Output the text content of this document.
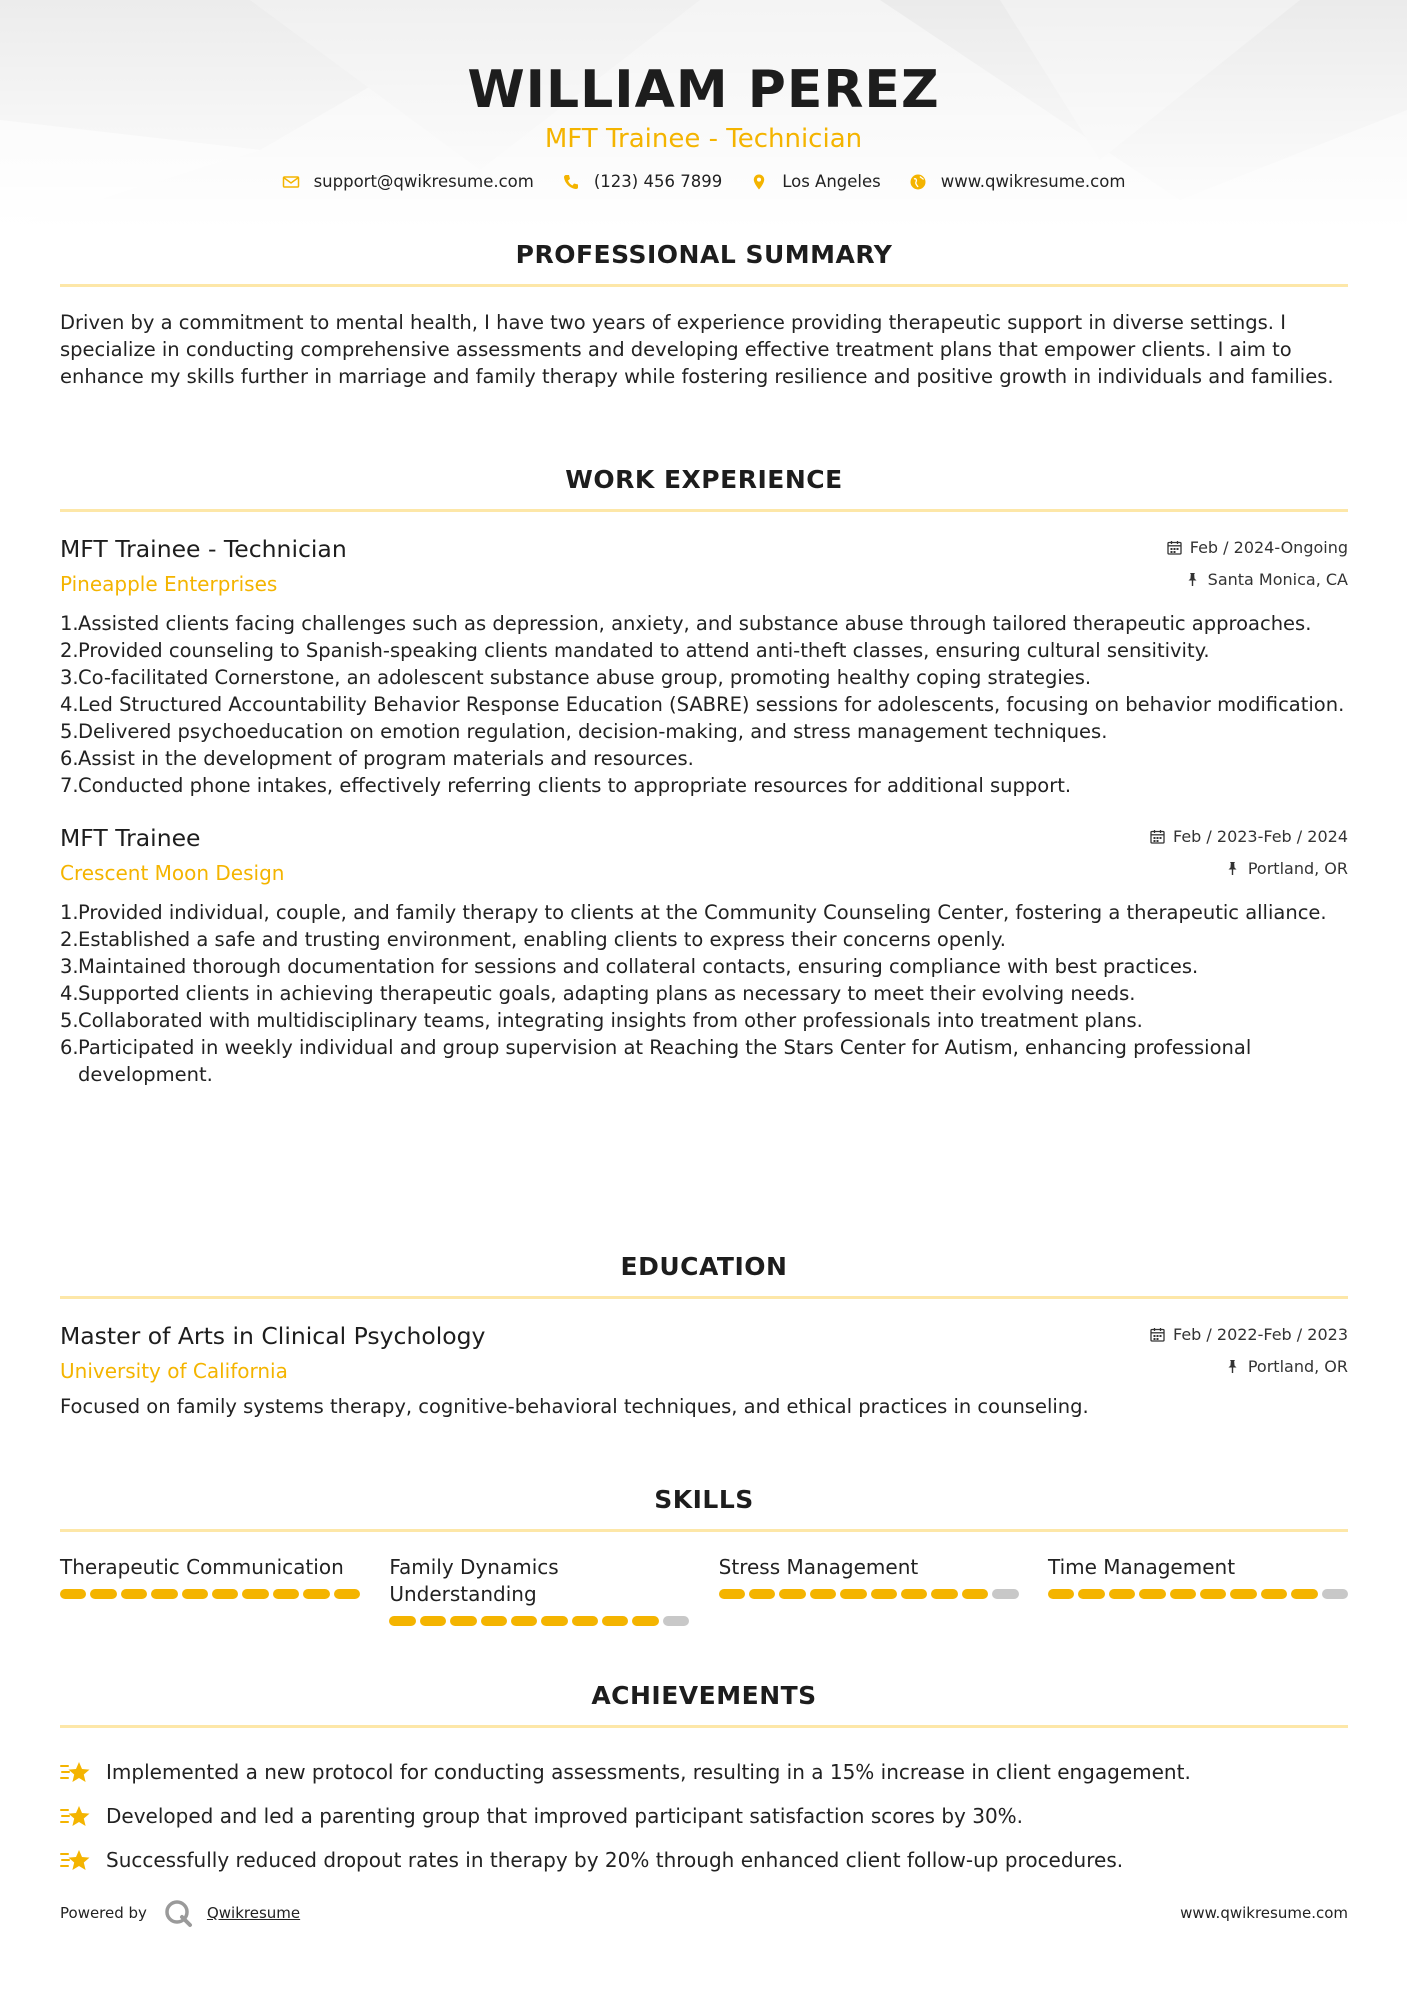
WILLIAM PEREZ
MFT Trainee - Technician
support@qwikresume.com	(123) 456 7899	Los Angeles	www.qwikresume.com
PROFESSIONAL SUMMARY
Driven by a commitment to mental health, I have two years of experience providing therapeutic support in diverse settings. I specialize in conducting comprehensive assessments and developing effective treatment plans that empower clients. I aim to enhance my skills further in marriage and family therapy while fostering resilience and positive growth in individuals and families.
WORK EXPERIENCE
MFT Trainee - Technician
Pineapple Enterprises
Feb / 2024-Ongoing
Santa Monica, CA
1. Assisted clients facing challenges such as depression, anxiety, and substance abuse through tailored therapeutic approaches.
2. Provided counseling to Spanish-speaking clients mandated to attend anti-theft classes, ensuring cultural sensitivity.
3. Co-facilitated Cornerstone, an adolescent substance abuse group, promoting healthy coping strategies.
4. Led Structured Accountability Behavior Response Education (SABRE) sessions for adolescents, focusing on behavior modification.
5. Delivered psychoeducation on emotion regulation, decision-making, and stress management techniques.
6. Assist in the development of program materials and resources.
7. Conducted phone intakes, effectively referring clients to appropriate resources for additional support.
MFT Trainee
Crescent Moon Design
Feb / 2023-Feb / 2024
Portland, OR
1. Provided individual, couple, and family therapy to clients at the Community Counseling Center, fostering a therapeutic alliance.
2. Established a safe and trusting environment, enabling clients to express their concerns openly.
3. Maintained thorough documentation for sessions and collateral contacts, ensuring compliance with best practices.
4. Supported clients in achieving therapeutic goals, adapting plans as necessary to meet their evolving needs.
5. Collaborated with multidisciplinary teams, integrating insights from other professionals into treatment plans.
6. Participated in weekly individual and group supervision at Reaching the Stars Center for Autism, enhancing professional development.
EDUCATION
Master of Arts in Clinical Psychology
University of California
Feb / 2022-Feb / 2023
Portland, OR
Focused on family systems therapy, cognitive-behavioral techniques, and ethical practices in counseling.
SKILLS
Therapeutic Communication	Family Dynamics Understanding
Stress Management	Time Management
ACHIEVEMENTS
Implemented a new protocol for conducting assessments, resulting in a 15% increase in client engagement.
Developed and led a parenting group that improved participant satisfaction scores by 30%.
Successfully reduced dropout rates in therapy by 20% through enhanced client follow-up procedures.
Powered by	Qwikresume	www.qwikresume.com
